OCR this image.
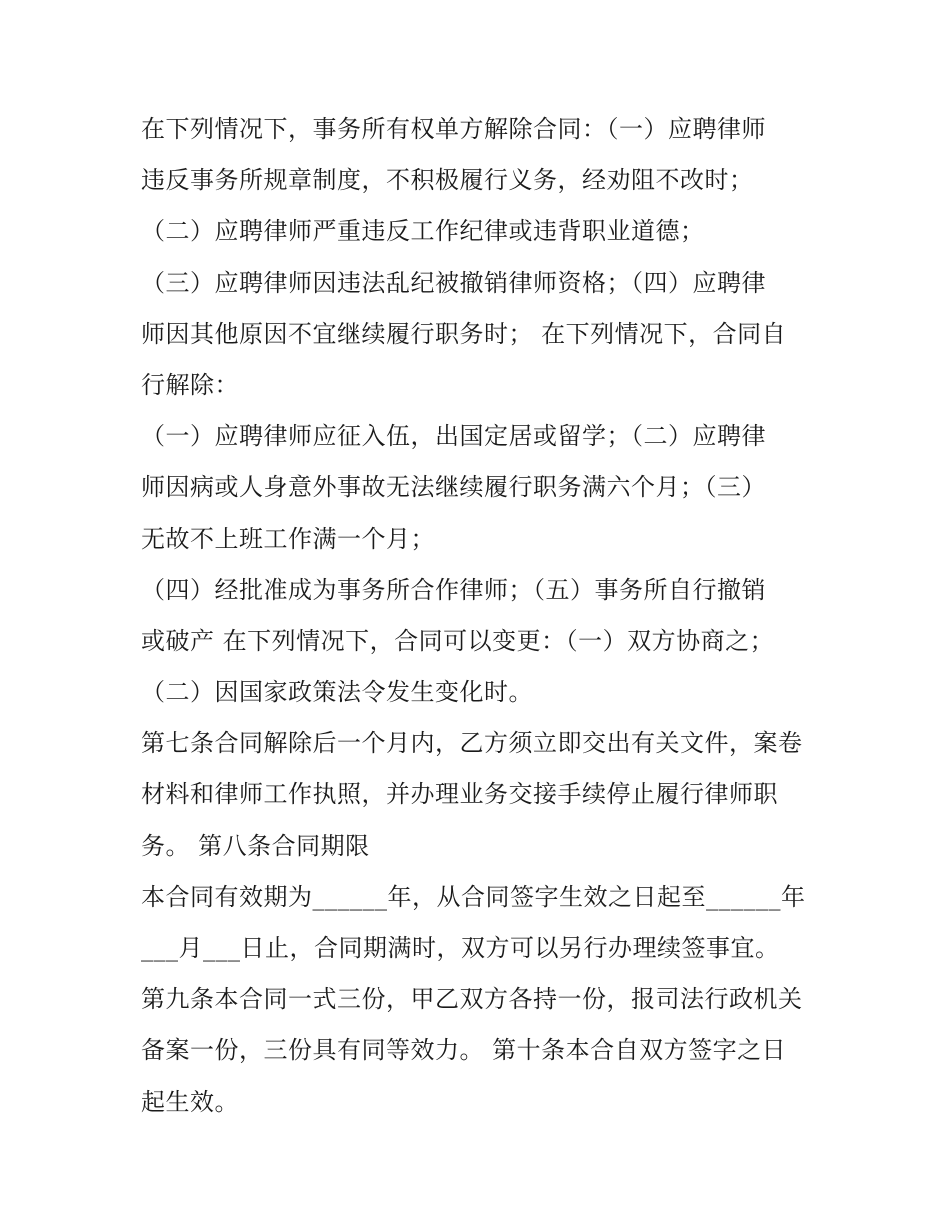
在下列情况下，事务所有权单方解除合同：（一）应聘律师
违反事务所规章制度，不积极履行义务，经劝阻不改时；
（二）应聘律师严重违反工作纪律或违背职业道德；
（三）应聘律师因违法乱纪被撤销律师资格；（四）应聘律
师因其他原因不宜继续履行职务时； 在下列情况下，合同自
行解除：
（一）应聘律师应征入伍，出国定居或留学；（二）应聘律
师因病或人身意外事故无法继续履行职务满六个月；（三）
无故不上班工作满一个月；
（四）经批准成为事务所合作律师；（五）事务所自行撤销
或破产 在下列情况下，合同可以变更：（一）双方协商之；
（二）因国家政策法令发生变化时。
第七条合同解除后一个月内，乙方须立即交出有关文件，案卷
材料和律师工作执照，并办理业务交接手续停止履行律师职
务。 第八条合同期限
本合同有效期为______年，从合同签字生效之日起至______年
___月___日止，合同期满时，双方可以另行办理续签事宜。
第九条本合同一式三份，甲乙双方各持一份，报司法行政机关
备案一份，三份具有同等效力。 第十条本合自双方签字之日
起生效。
